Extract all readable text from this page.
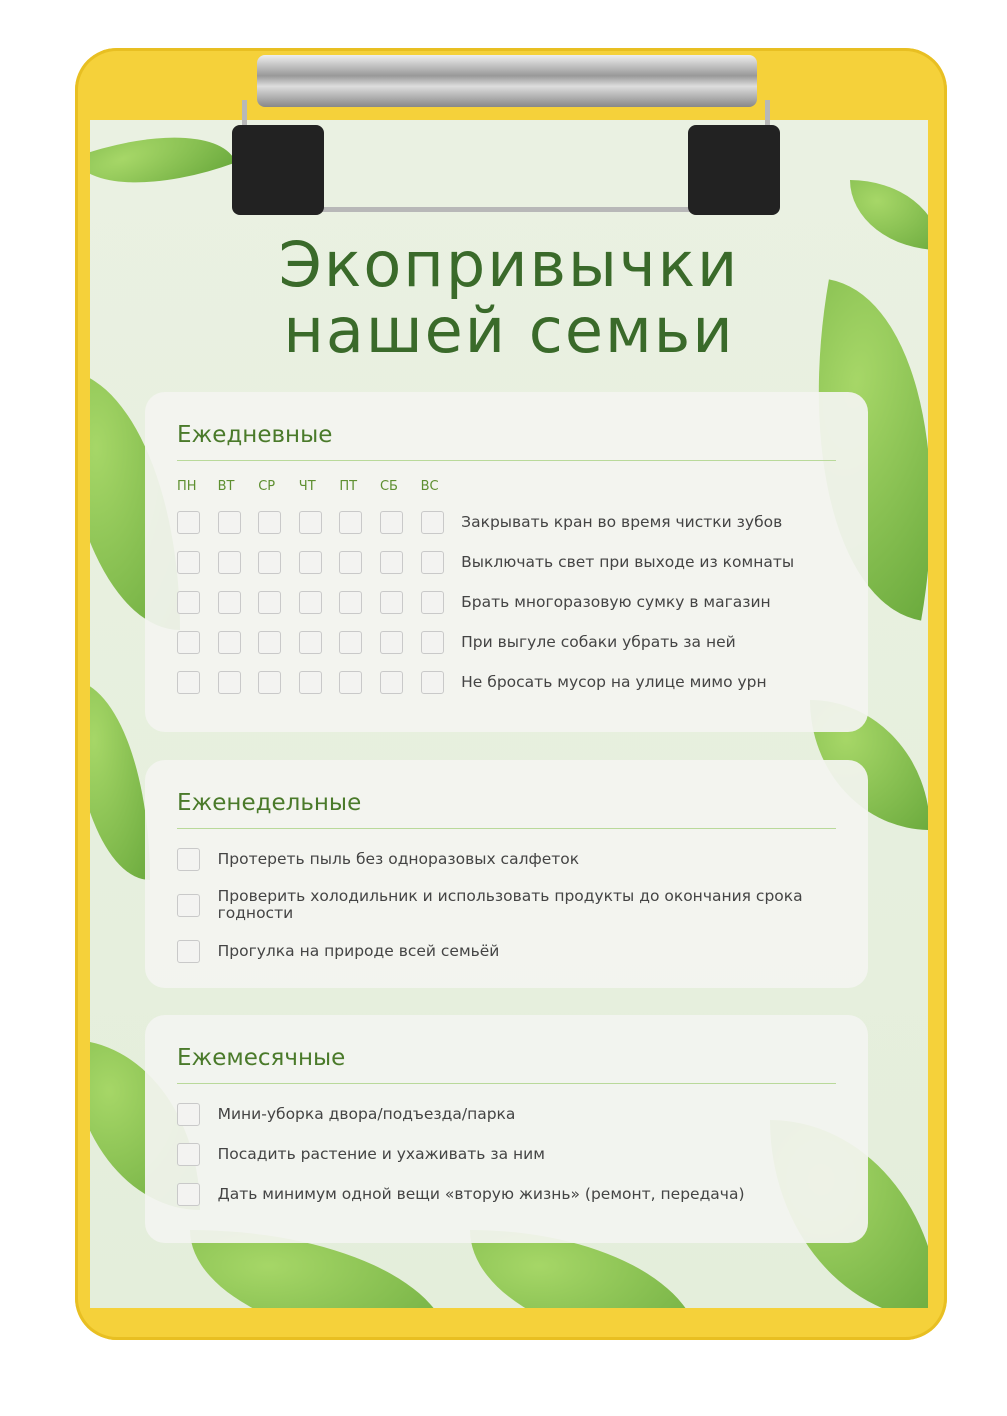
Экопривычки
нашей семьи
Ежедневные
ПН	ВТ	СР	ЧТ	ПТ	СБ	ВС
Закрывать кран во время чистки зубов
Выключать свет при выходе из комнаты
Брать многоразовую сумку в магазин
При выгуле собаки убрать за ней
Не бросать мусор на улице мимо урн
Еженедельные
Протереть пыль без одноразовых салфеток
Проверить холодильник и использовать продукты до окончания срока годности
Прогулка на природе всей семьёй
Ежемесячные
Мини-уборка двора/подъезда/парка
Посадить растение и ухаживать за ним
Дать минимум одной вещи «вторую жизнь» (ремонт, передача)
